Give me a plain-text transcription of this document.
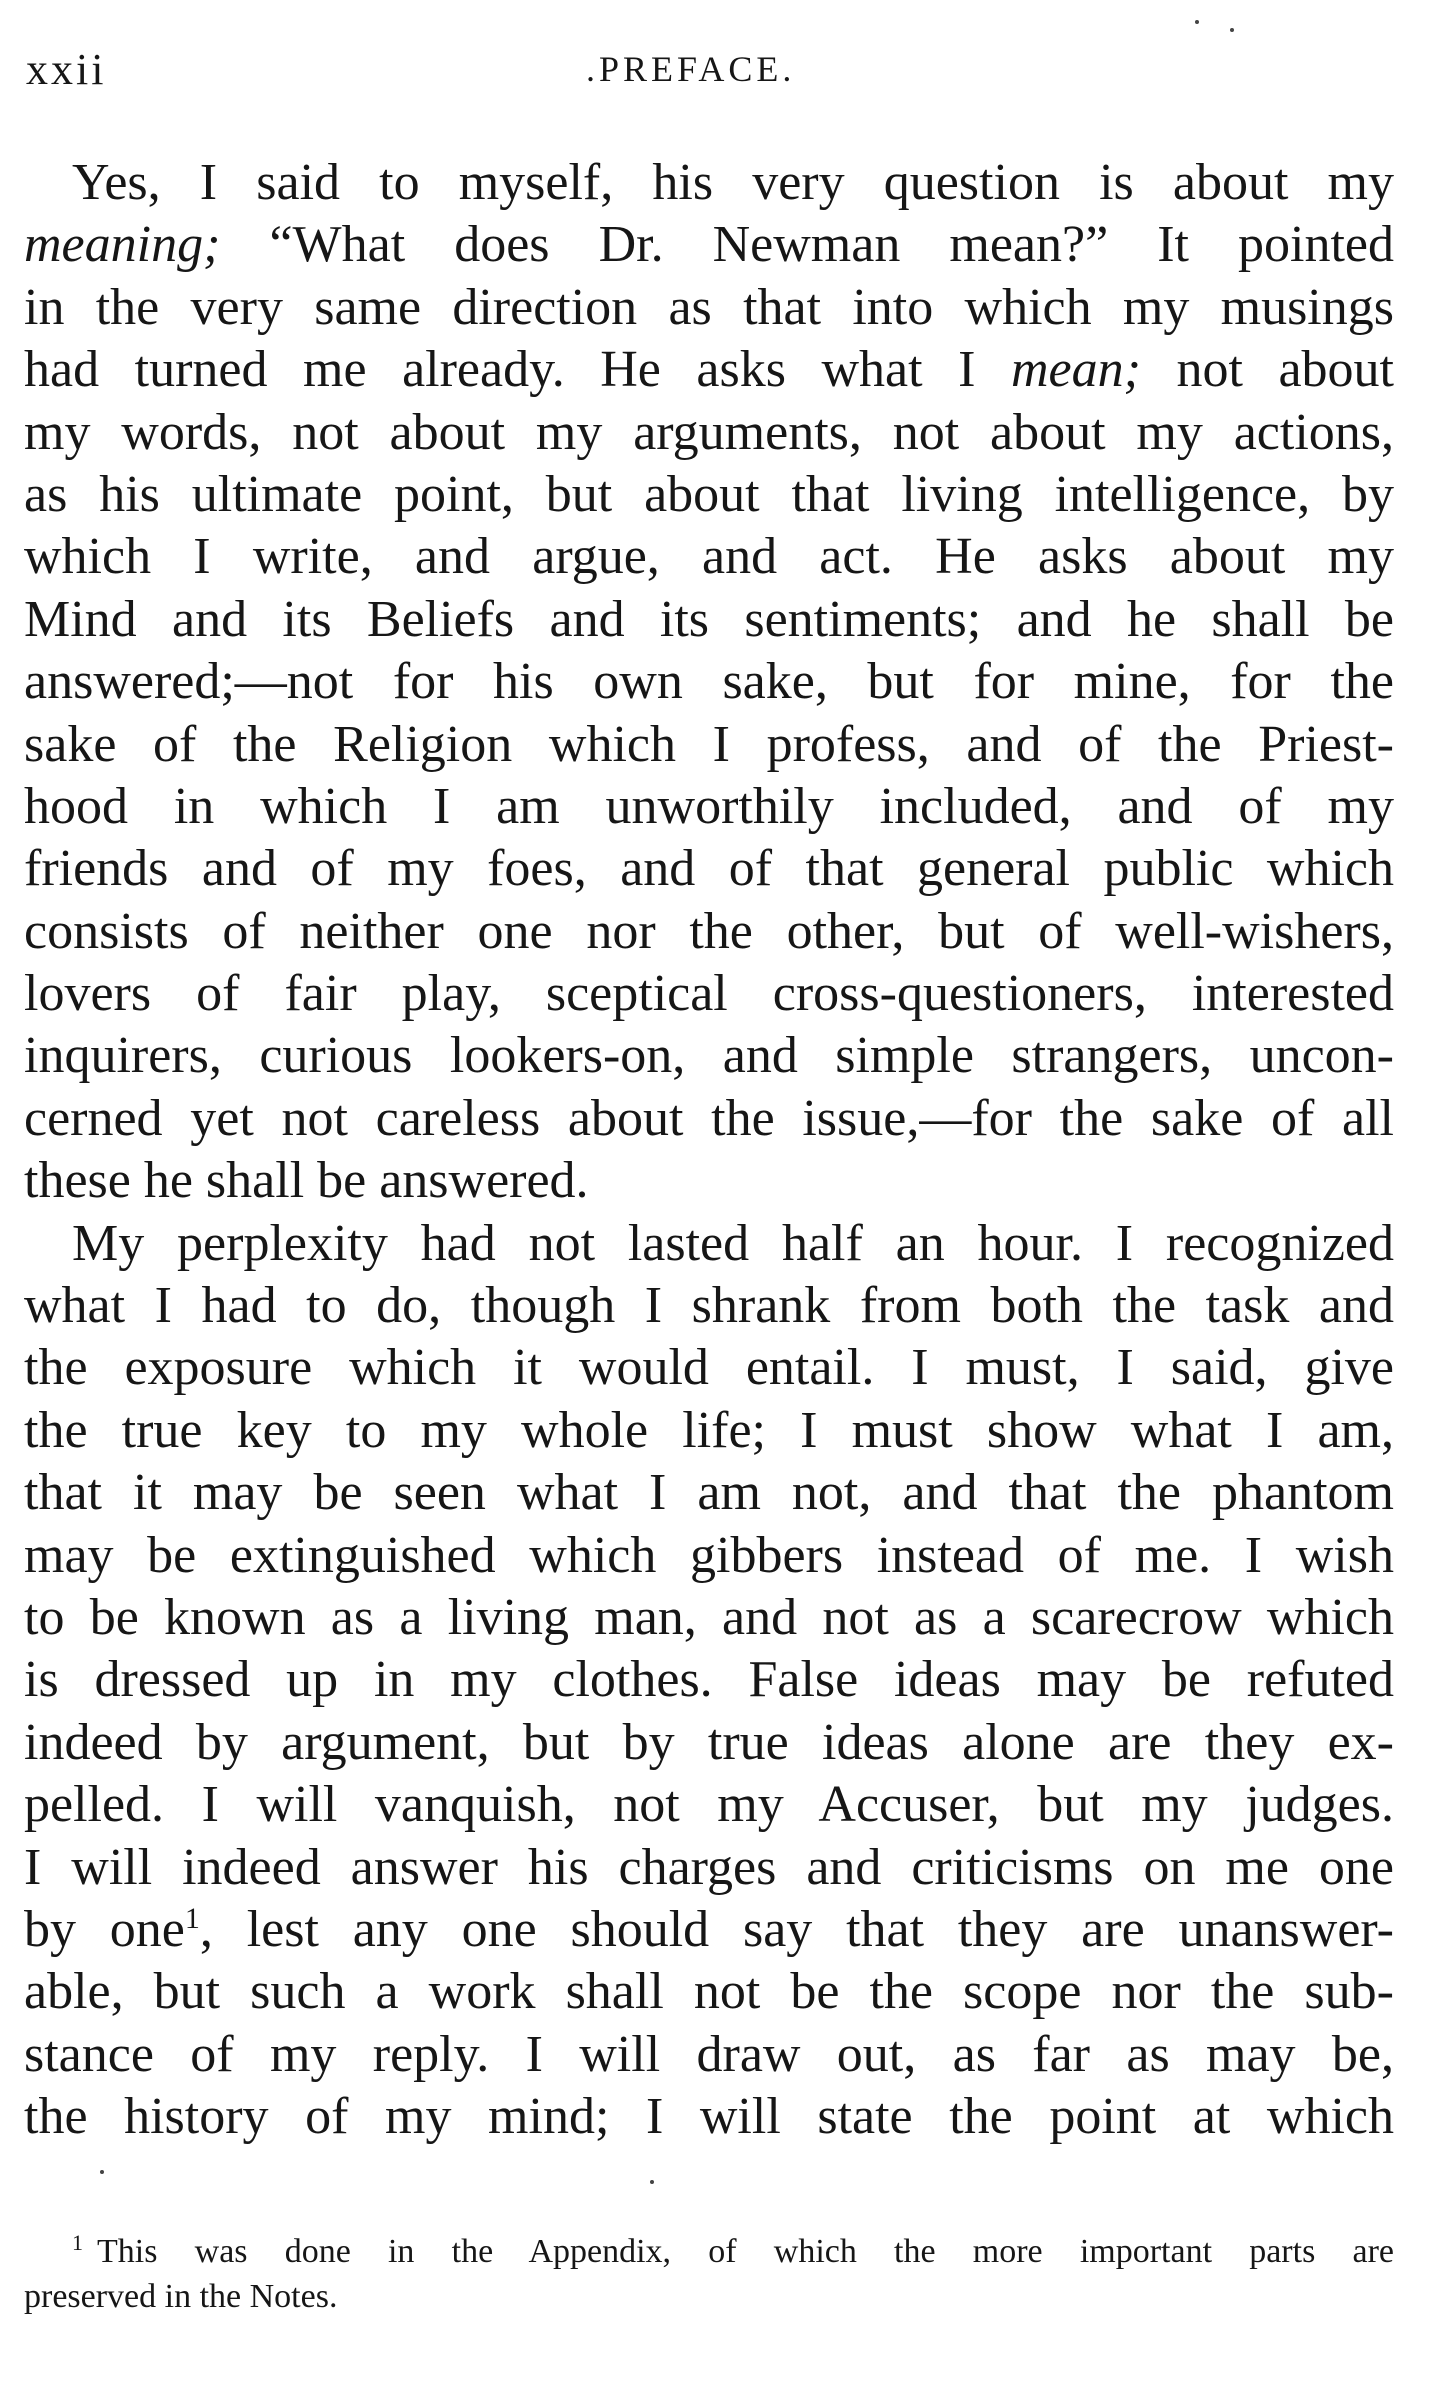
xxii	.PREFACE.
Yes, I said to myself, his very question is about my
meaning; “What does Dr. Newman mean?” It pointed
in the very same direction as that into which my musings
had turned me already. He asks what I mean; not about
my words, not about my arguments, not about my actions,
as his ultimate point, but about that living intelligence, by
which I write, and argue, and act. He asks about my
Mind and its Beliefs and its sentiments; and he shall be
answered;—not for his own sake, but for mine, for the
sake of the Religion which I profess, and of the Priest-
hood in which I am unworthily included, and of my
friends and of my foes, and of that general public which
consists of neither one nor the other, but of well-wishers,
lovers of fair play, sceptical cross-questioners, interested
inquirers, curious lookers-on, and simple strangers, uncon-
cerned yet not careless about the issue,—for the sake of all
these he shall be answered.
My perplexity had not lasted half an hour. I recognized
what I had to do, though I shrank from both the task and
the exposure which it would entail. I must, I said, give
the true key to my whole life; I must show what I am,
that it may be seen what I am not, and that the phantom
may be extinguished which gibbers instead of me. I wish
to be known as a living man, and not as a scarecrow which
is dressed up in my clothes. False ideas may be refuted
indeed by argument, but by true ideas alone are they ex-
pelled. I will vanquish, not my Accuser, but my judges.
I will indeed answer his charges and criticisms on me one
by one$^1$, lest any one should say that they are unanswer-
able, but such a work shall not be the scope nor the sub-
stance of my reply. I will draw out, as far as may be,
the history of my mind; I will state the point at which
$^1$ This was done in the Appendix, of which the more important parts are
preserved in the Notes.
